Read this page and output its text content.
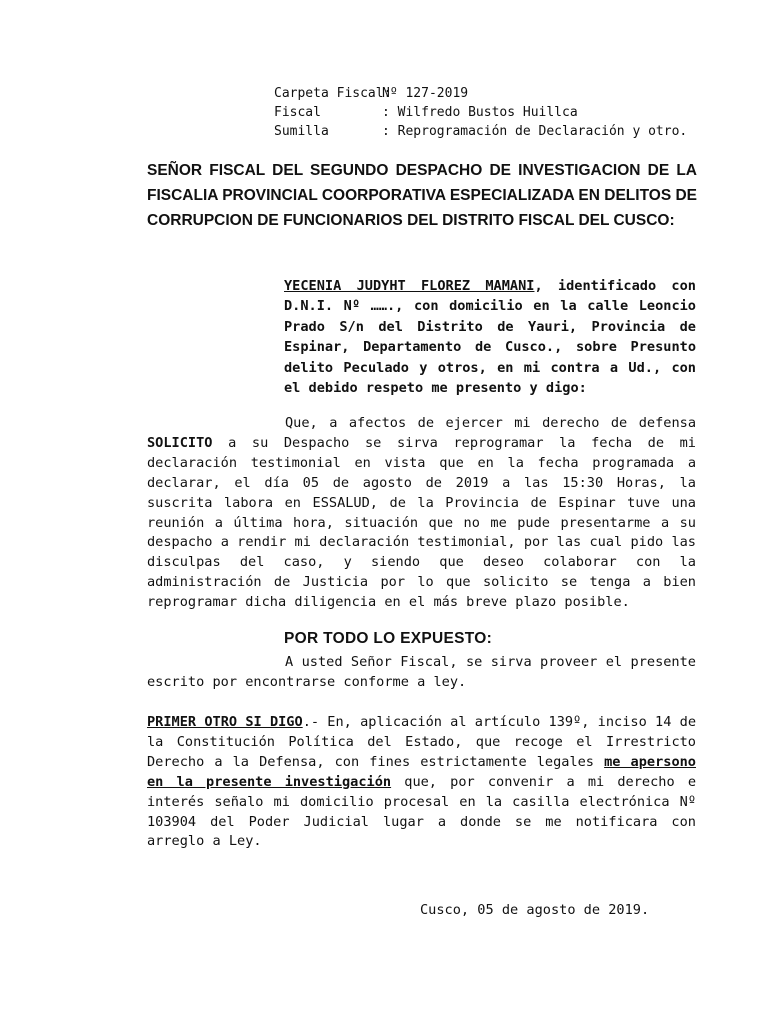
Carpeta Fiscal:
Nº 127-2019
Fiscal	: Wilfredo Bustos Huillca
Sumilla	: Reprogramación de Declaración y otro.
SEÑOR FISCAL DEL SEGUNDO DESPACHO DE INVESTIGACION DE LA FISCALIA PROVINCIAL COORPORATIVA ESPECIALIZADA EN DELITOS DE CORRUPCION DE FUNCIONARIOS DEL DISTRITO FISCAL DEL CUSCO:
YECENIA JUDYHT FLOREZ MAMANI, identificado con D.N.I. Nº ……., con domicilio en la calle Leoncio Prado S/n del Distrito de Yauri, Provincia de Espinar, Departamento de Cusco., sobre Presunto delito Peculado y otros, en mi contra a Ud., con el debido respeto me presento y digo:
Que, a afectos de ejercer mi derecho de defensa SOLICITO a su Despacho se sirva reprogramar la fecha de mi declaración testimonial en vista que en la fecha programada a declarar, el día 05 de agosto de 2019 a las 15:30 Horas, la suscrita labora en ESSALUD, de la Provincia de Espinar tuve una reunión a última hora, situación que no me pude presentarme a su despacho a rendir mi declaración testimonial, por las cual pido las disculpas del caso, y siendo que deseo colaborar con la administración de Justicia por lo que solicito se tenga a bien reprogramar dicha diligencia en el más breve plazo posible.
POR TODO LO EXPUESTO:
A usted Señor Fiscal, se sirva proveer el presente escrito por encontrarse conforme a ley.
PRIMER OTRO SI DIGO.- En, aplicación al artículo 139º, inciso 14 de la Constitución Política del Estado, que recoge el Irrestricto Derecho a la Defensa, con fines estrictamente legales me apersono en la presente investigación que, por convenir a mi derecho e interés señalo mi domicilio procesal en la casilla electrónica Nº 103904 del Poder Judicial lugar a donde se me notificara con arreglo a Ley.
Cusco, 05 de agosto de 2019.
